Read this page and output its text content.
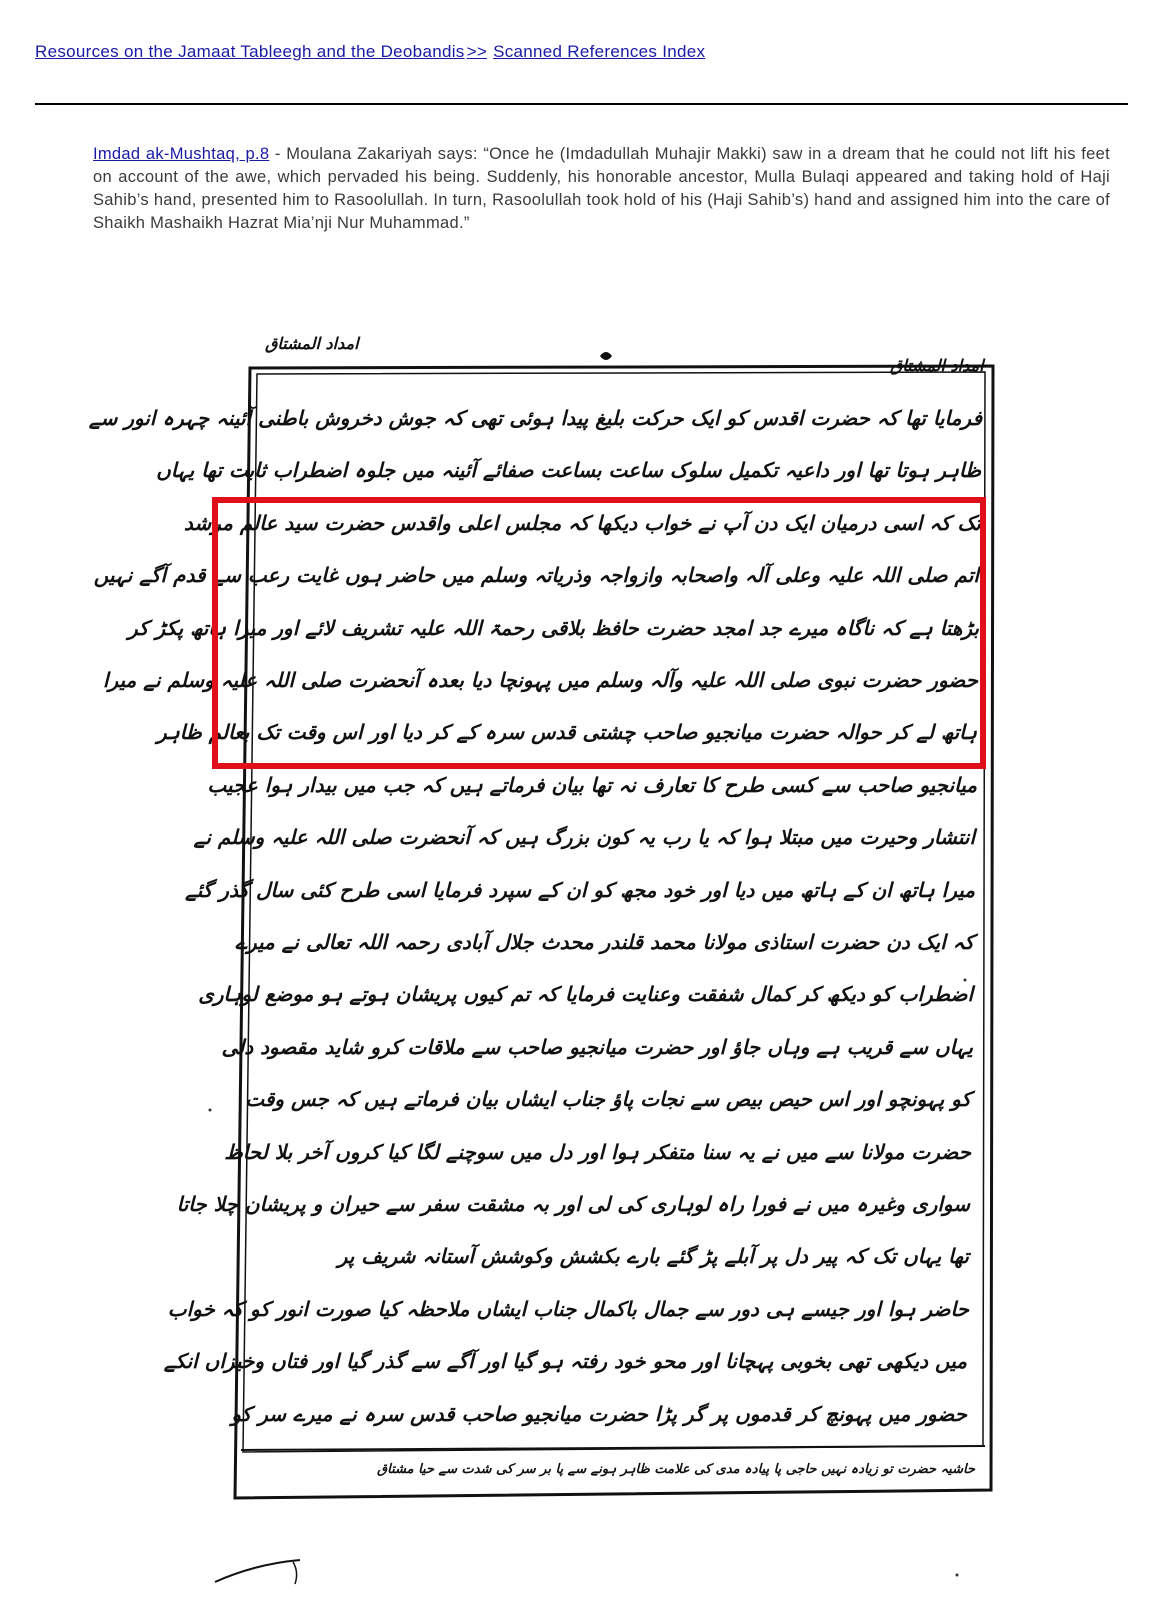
Resources on the Jamaat Tableegh and the Deobandis >> Scanned References Index
Imdad ak-Mushtaq, p.8 - Moulana Zakariyah says: “Once he (Imdadullah Muhajir Makki) saw in a dream that he could not lift his feet on account of the awe, which pervaded his being. Suddenly, his honorable ancestor, Mulla Bulaqi appeared and taking hold of Haji Sahib’s hand, presented him to Rasoolullah. In turn, Rasoolullah took hold of his (Haji Sahib’s) hand and assigned him into the care of Shaikh Mashaikh Hazrat Mia’nji Nur Muhammad.”
امداد المشتاق
امداد المشتاق
فرمایا تھا کہ حضرت اقدس کو ایک حرکت بلیغ پیدا ہوئی تھی کہ جوش دخروش باطنی آئینہ چہرہ انور سے
ظاہر ہوتا تھا اور داعیہ تکمیل سلوک ساعت بساعت صفائے آئینہ میں جلوہ اضطراب ثابت تھا یہاں
تک کہ اسی درمیان ایک دن آپ نے خواب دیکھا کہ مجلس اعلی واقدس حضرت سید عالم مرشد
اتم صلی اللہ علیہ وعلی آلہ واصحابہ وازواجہ وذریاتہ وسلم میں حاضر ہوں غایت رعب سے قدم آگے نہیں
بڑھتا ہے کہ ناگاہ میرے جد امجد حضرت حافظ بلاقی رحمۃ اللہ علیہ تشریف لائے اور میرا ہاتھ پکڑ کر
حضور حضرت نبوی صلی اللہ علیہ وآلہ وسلم میں پہونچا دیا بعدہ آنحضرت صلی اللہ علیہ وسلم نے میرا
ہاتھ لے کر حوالہ حضرت میانجیو صاحب چشتی قدس سرہ کے کر دیا اور اس وقت تک بعالم ظاہر
میانجیو صاحب سے کسی طرح کا تعارف نہ تھا بیان فرماتے ہیں کہ جب میں بیدار ہوا عجیب
انتشار وحیرت میں مبتلا ہوا کہ یا رب یہ کون بزرگ ہیں کہ آنحضرت صلی اللہ علیہ وسلم نے
میرا ہاتھ ان کے ہاتھ میں دیا اور خود مجھ کو ان کے سپرد فرمایا اسی طرح کئی سال گذر گئے
کہ ایک دن حضرت استاذی مولانا محمد قلندر محدث جلال آبادی رحمہ اللہ تعالی نے میرے
اضطراب کو دیکھ کر کمال شفقت وعنایت فرمایا کہ تم کیوں پریشان ہوتے ہو موضع لوہاری
یہاں سے قریب ہے وہاں جاؤ اور حضرت میانجیو صاحب سے ملاقات کرو شاید مقصود دلی
کو پہونچو اور اس حیص بیص سے نجات پاؤ جناب ایشاں بیان فرماتے ہیں کہ جس وقت
حضرت مولانا سے میں نے یہ سنا متفکر ہوا اور دل میں سوچنے لگا کیا کروں آخر بلا لحاظ
سواری وغیرہ میں نے فورا راہ لوہاری کی لی اور بہ مشقت سفر سے حیران و پریشان چلا جاتا
تھا یہاں تک کہ پیر دل پر آبلے پڑ گئے بارے بکشش وکوشش آستانہ شریف پر
حاضر ہوا اور جیسے ہی دور سے جمال باکمال جناب ایشاں ملاحظہ کیا صورت انور کو کہ خواب
میں دیکھی تھی بخوبی پہچانا اور محو خود رفتہ ہو گیا اور آگے سے گذر گیا اور فتاں وخیزاں انکے
حضور میں پہونچ کر قدموں پر گر پڑا حضرت میانجیو صاحب قدس سرہ نے میرے سر کو
حاشیہ حضرت تو زیادہ نہیں حاجی پا پیادہ مدی کی علامت ظاہر ہونے سے پا بر سر کی شدت سے حیا مشتاق
